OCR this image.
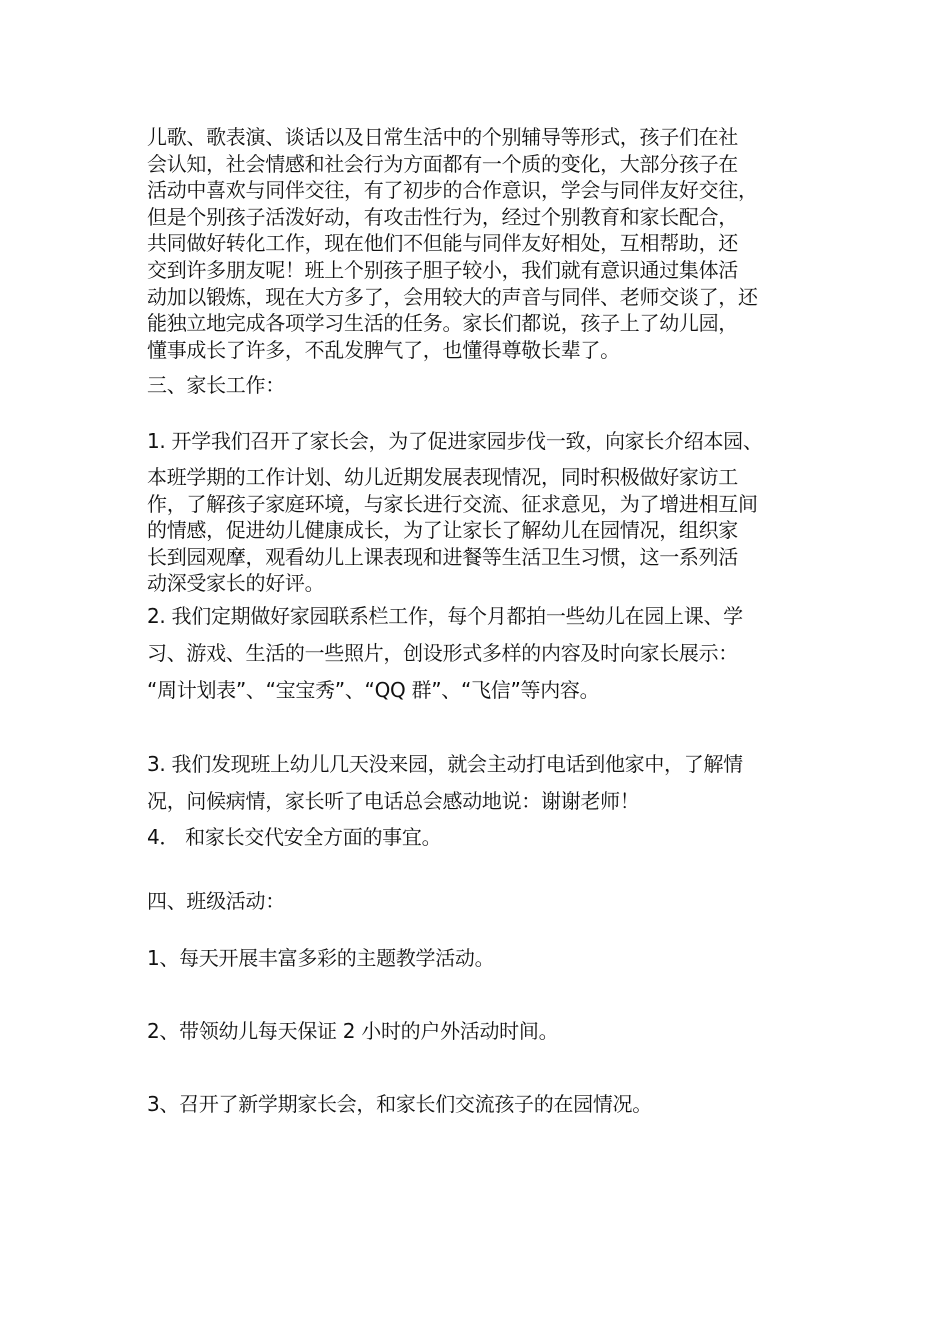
儿歌、歌表演、谈话以及日常生活中的个别辅导等形式，孩子们在社
会认知，社会情感和社会行为方面都有一个质的变化，大部分孩子在
活动中喜欢与同伴交往，有了初步的合作意识，学会与同伴友好交往，
但是个别孩子活泼好动，有攻击性行为，经过个别教育和家长配合，
共同做好转化工作，现在他们不但能与同伴友好相处，互相帮助，还
交到许多朋友呢！班上个别孩子胆子较小，我们就有意识通过集体活
动加以锻炼，现在大方多了，会用较大的声音与同伴、老师交谈了，还
能独立地完成各项学习生活的任务。家长们都说，孩子上了幼儿园，
懂事成长了许多，不乱发脾气了，也懂得尊敬长辈了。
三、家长工作：
1. 开学我们召开了家长会，为了促进家园步伐一致，向家长介绍本园、
本班学期的工作计划、幼儿近期发展表现情况，同时积极做好家访工
作，了解孩子家庭环境，与家长进行交流、征求意见，为了增进相互间
的情感，促进幼儿健康成长，为了让家长了解幼儿在园情况，组织家
长到园观摩，观看幼儿上课表现和进餐等生活卫生习惯，这一系列活
动深受家长的好评。
2. 我们定期做好家园联系栏工作，每个月都拍一些幼儿在园上课、学
习、游戏、生活的一些照片，创设形式多样的内容及时向家长展示：
“周计划表”、“宝宝秀”、“QQ 群”、“飞信”等内容。
3. 我们发现班上幼儿几天没来园，就会主动打电话到他家中，了解情
况，问候病情，家长听了电话总会感动地说：谢谢老师！
4． 和家长交代安全方面的事宜。
四、班级活动：
1、每天开展丰富多彩的主题教学活动。
2、带领幼儿每天保证 2 小时的户外活动时间。
3、召开了新学期家长会，和家长们交流孩子的在园情况。
